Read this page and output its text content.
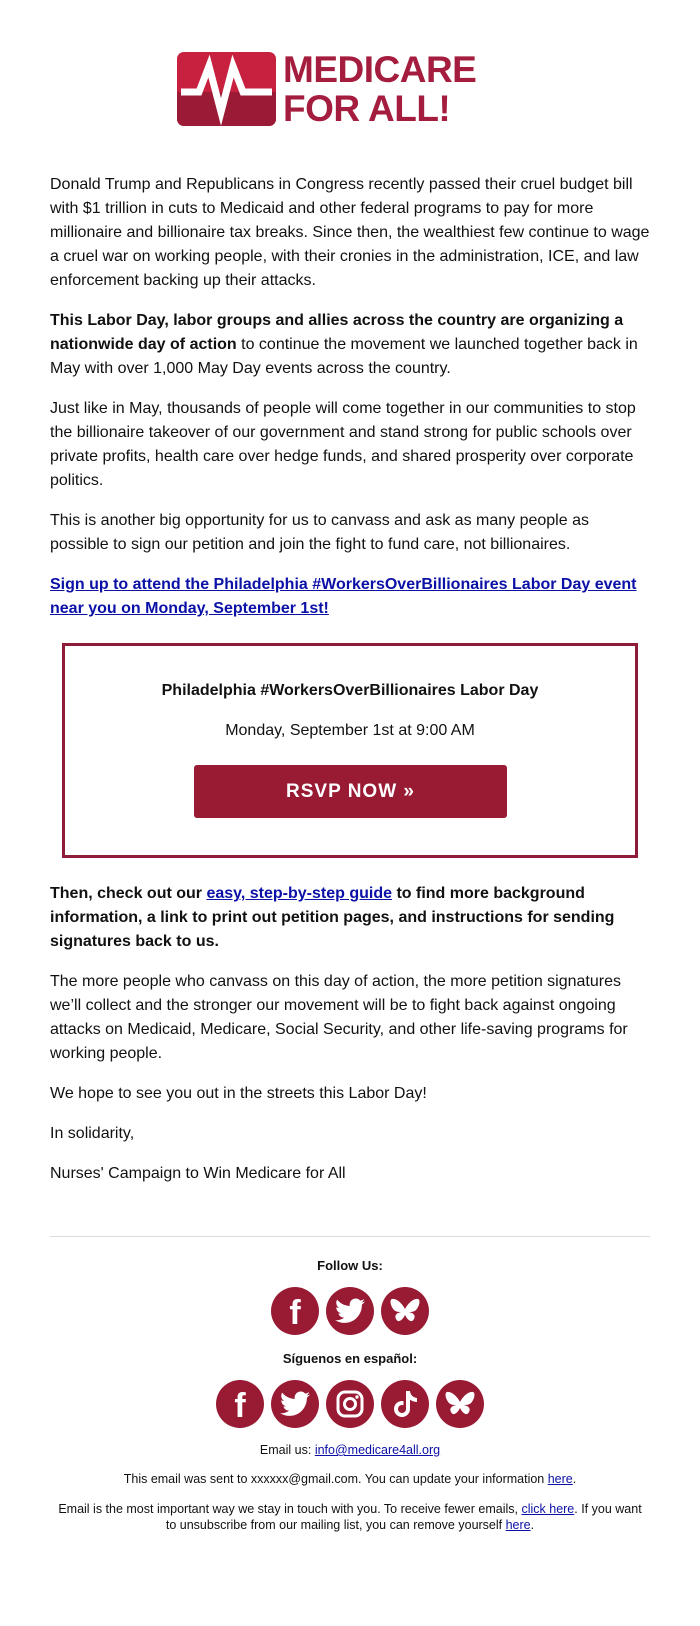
MEDICARE
FOR ALL!

Donald Trump and Republicans in Congress recently passed their cruel budget bill with $1 trillion in cuts to Medicaid and other federal programs to pay for more millionaire and billionaire tax breaks. Since then, the wealthiest few continue to wage a cruel war on working people, with their cronies in the administration, ICE, and law enforcement backing up their attacks.

This Labor Day, labor groups and allies across the country are organizing a nationwide day of action to continue the movement we launched together back in May with over 1,000 May Day events across the country.

Just like in May, thousands of people will come together in our communities to stop the billionaire takeover of our government and stand strong for public schools over private profits, health care over hedge funds, and shared prosperity over corporate politics.

This is another big opportunity for us to canvass and ask as many people as possible to sign our petition and join the fight to fund care, not billionaires.

Sign up to attend the Philadelphia #WorkersOverBillionaires Labor Day event near you on Monday, September 1st!

Philadelphia #WorkersOverBillionaires Labor Day
Monday, September 1st at 9:00 AM
RSVP NOW »

Then, check out our easy, step-by-step guide to find more background information, a link to print out petition pages, and instructions for sending signatures back to us.

The more people who canvass on this day of action, the more petition signatures we’ll collect and the stronger our movement will be to fight back against ongoing attacks on Medicaid, Medicare, Social Security, and other life-saving programs for working people.

We hope to see you out in the streets this Labor Day!

In solidarity,

Nurses' Campaign to Win Medicare for All

Follow Us:
f
Síguenos en español:
f
Email us: info@medicare4all.org
This email was sent to xxxxxx@gmail.com. You can update your information here.
Email is the most important way we stay in touch with you. To receive fewer emails, click here. If you want to unsubscribe from our mailing list, you can remove yourself here.
